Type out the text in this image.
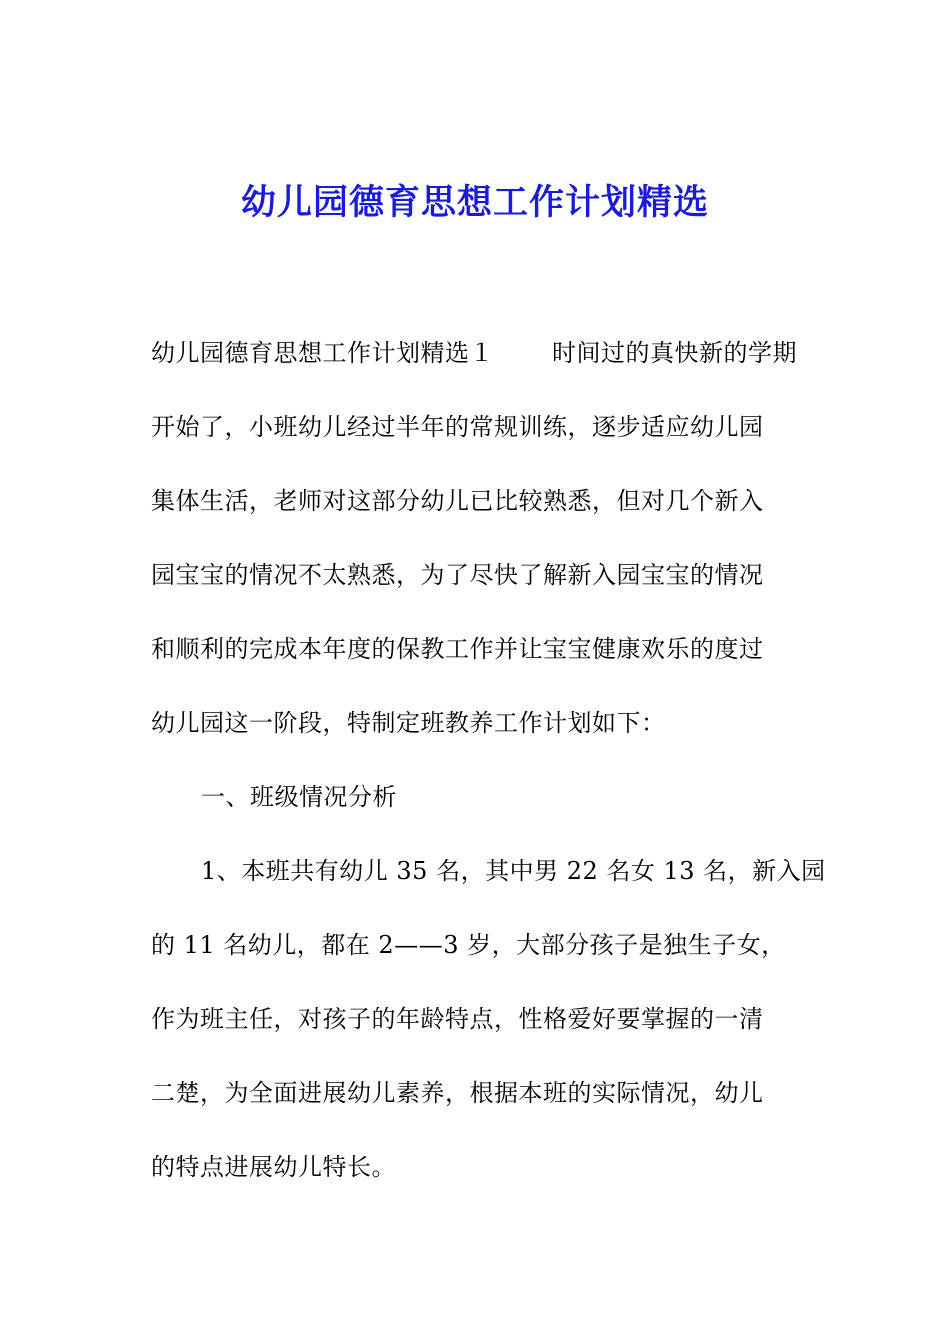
幼儿园德育思想工作计划精选
幼儿园德育思想工作计划精选１ 时间过的真快新的学期
开始了，小班幼儿经过半年的常规训练，逐步适应幼儿园
集体生活，老师对这部分幼儿已比较熟悉，但对几个新入
园宝宝的情况不太熟悉，为了尽快了解新入园宝宝的情况
和顺利的完成本年度的保教工作并让宝宝健康欢乐的度过
幼儿园这一阶段，特制定班教养工作计划如下：
一、班级情况分析
1、本班共有幼儿 35 名，其中男 22 名女 13 名，新入园
的 11 名幼儿，都在 2——3 岁，大部分孩子是独生子女，
作为班主任，对孩子的年龄特点，性格爱好要掌握的一清
二楚，为全面进展幼儿素养，根据本班的实际情况，幼儿
的特点进展幼儿特长。
